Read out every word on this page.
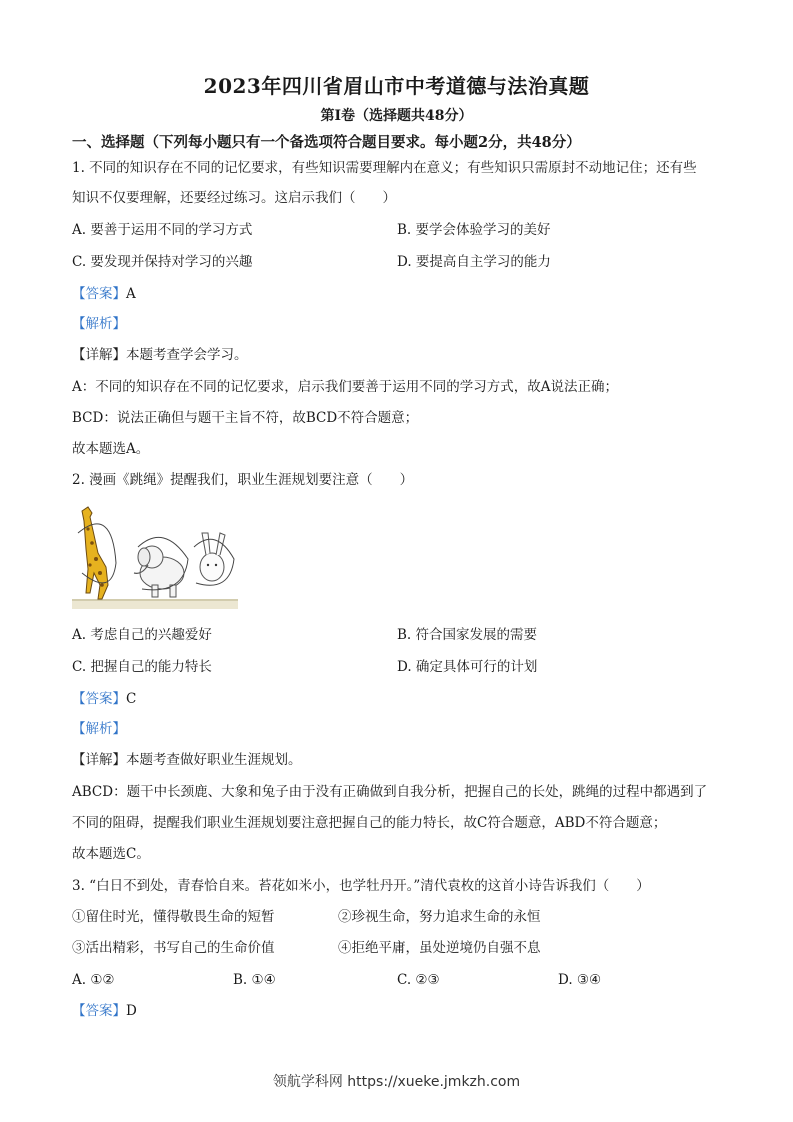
2023年四川省眉山市中考道德与法治真题
第I卷（选择题共48分）
一、选择题（下列每小题只有一个备选项符合题目要求。每小题2分，共48分）
1. 不同的知识存在不同的记忆要求，有些知识需要理解内在意义；有些知识只需原封不动地记住；还有些
知识不仅要理解，还要经过练习。这启示我们（　　）
A. 要善于运用不同的学习方式	B. 要学会体验学习的美好
C. 要发现并保持对学习的兴趣	D. 要提高自主学习的能力
【答案】A
【解析】
【详解】本题考查学会学习。
A：不同的知识存在不同的记忆要求，启示我们要善于运用不同的学习方式，故A说法正确；
BCD：说法正确但与题干主旨不符，故BCD不符合题意；
故本题选A。
2. 漫画《跳绳》提醒我们，职业生涯规划要注意（　　）
A. 考虑自己的兴趣爱好	B. 符合国家发展的需要
C. 把握自己的能力特长	D. 确定具体可行的计划
【答案】C
【解析】
【详解】本题考查做好职业生涯规划。
ABCD：题干中长颈鹿、大象和兔子由于没有正确做到自我分析，把握自己的长处，跳绳的过程中都遇到了
不同的阻碍，提醒我们职业生涯规划要注意把握自己的能力特长，故C符合题意，ABD不符合题意；
故本题选C。
3. “白日不到处，青春恰自来。苔花如米小，也学牡丹开。”清代袁枚的这首小诗告诉我们（　　）
①留住时光，懂得敬畏生命的短暂	②珍视生命，努力追求生命的永恒
③活出精彩，书写自己的生命价值	④拒绝平庸，虽处逆境仍自强不息
A. ①②	B. ①④	C. ②③	D. ③④
【答案】D
领航学科网 https://xueke.jmkzh.com
